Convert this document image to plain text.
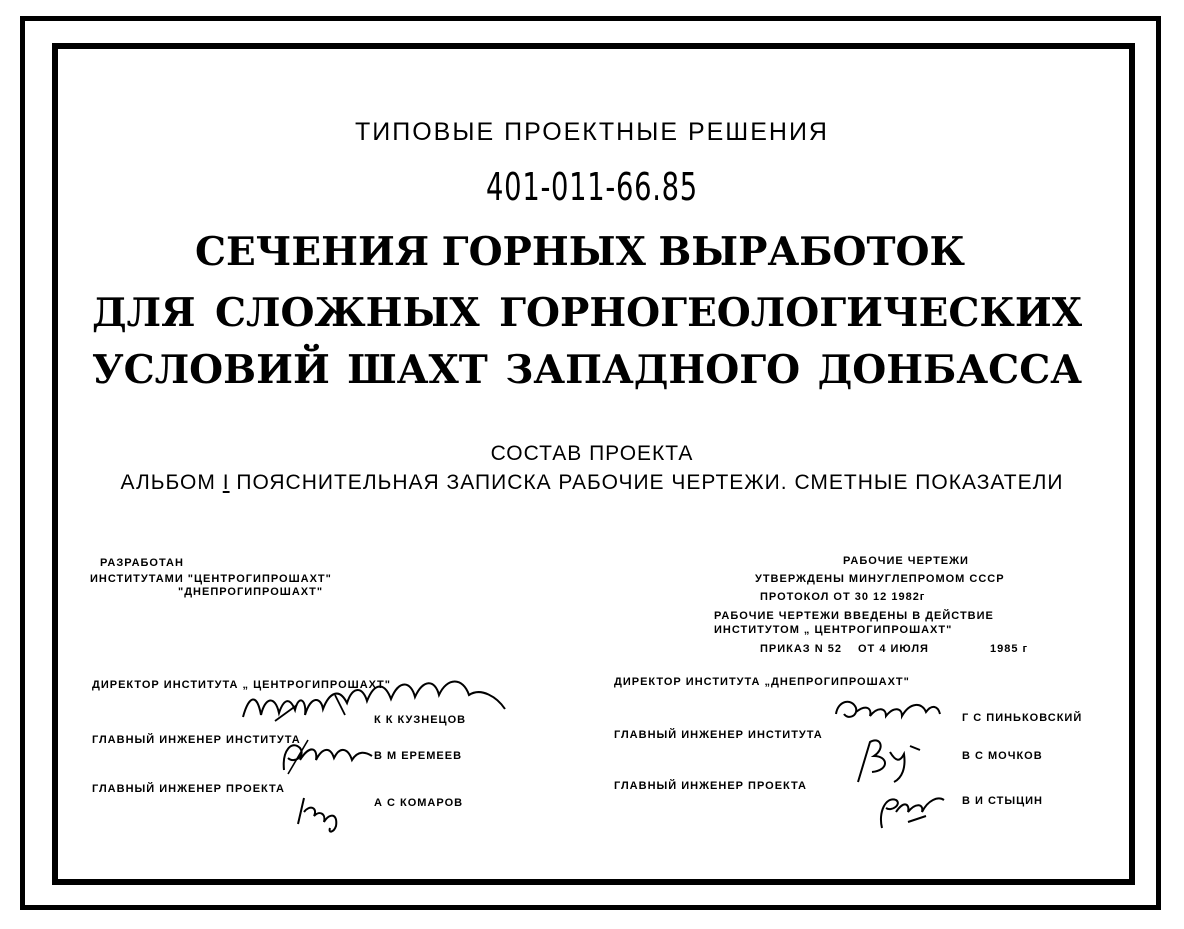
ТИПОВЫЕ ПРОЕКТНЫЕ РЕШЕНИЯ
401-011-66.85
СЕЧЕНИЯ ГОРНЫХ ВЫРАБОТОК
ДЛЯ СЛОЖНЫХ ГОРНОГЕОЛОГИЧЕСКИХ
УСЛОВИЙ ШАХТ ЗАПАДНОГО ДОНБАССА
СОСТАВ ПРОЕКТА
АЛЬБОМ I ПОЯСНИТЕЛЬНАЯ ЗАПИСКА РАБОЧИЕ ЧЕРТЕЖИ. СМЕТНЫЕ ПОКАЗАТЕЛИ
РАЗРАБОТАН
ИНСТИТУТАМИ "ЦЕНТРОГИПРОШАХТ"
"ДНЕПРОГИПРОШАХТ"
РАБОЧИЕ ЧЕРТЕЖИ
УТВЕРЖДЕНЫ МИНУГЛЕПРОМОМ СССР
ПРОТОКОЛ ОТ 30 12 1982г
РАБОЧИЕ ЧЕРТЕЖИ ВВЕДЕНЫ В ДЕЙСТВИЕ
ИНСТИТУТОМ „ ЦЕНТРОГИПРОШАХТ"
ПРИКАЗ N 52 ОТ 4 ИЮЛЯ	1985 г
ДИРЕКТОР ИНСТИТУТА „ ЦЕНТРОГИПРОШАХТ"
К К КУЗНЕЦОВ
ГЛАВНЫЙ ИНЖЕНЕР ИНСТИТУТА
В М ЕРЕМЕЕВ
ГЛАВНЫЙ ИНЖЕНЕР ПРОЕКТА
А С КОМАРОВ
ДИРЕКТОР ИНСТИТУТА „ДНЕПРОГИПРОШАХТ"
Г С ПИНЬКОВСКИЙ
ГЛАВНЫЙ ИНЖЕНЕР ИНСТИТУТА
В С МОЧКОВ
ГЛАВНЫЙ ИНЖЕНЕР ПРОЕКТА
В И СТЫЦИН
